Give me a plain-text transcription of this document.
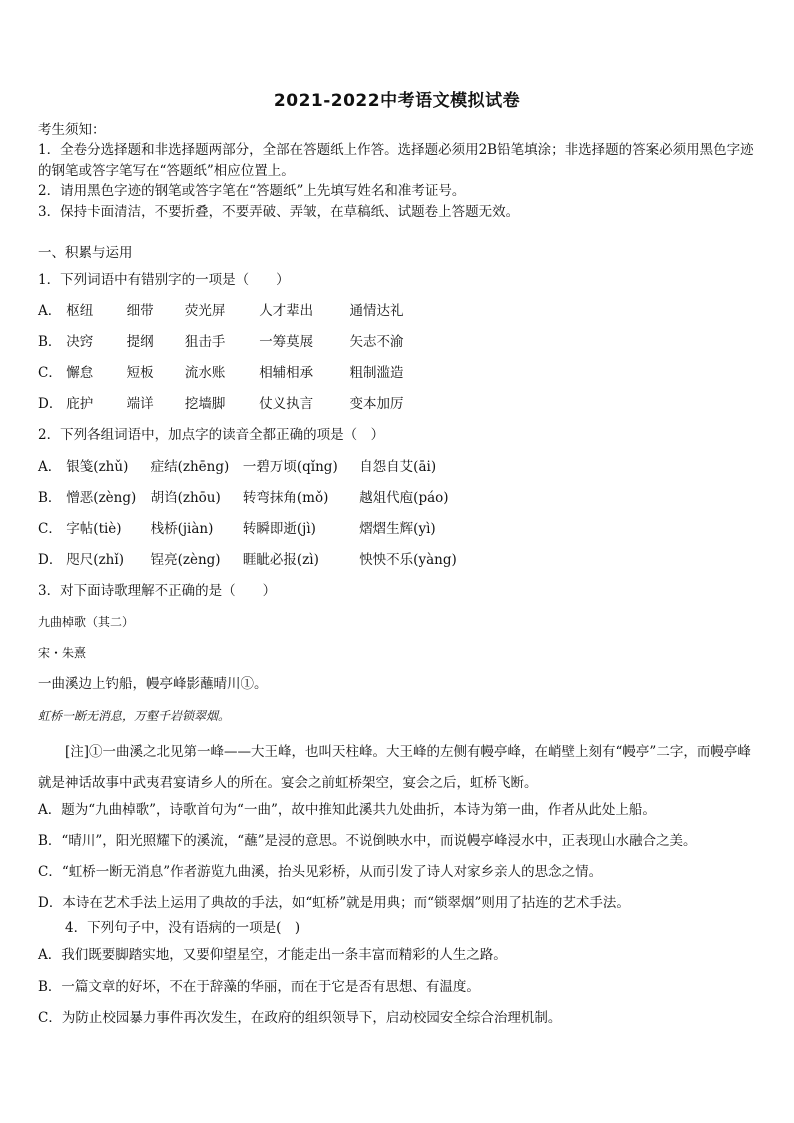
2021-2022中考语文模拟试卷
考生须知：
1．全卷分选择题和非选择题两部分，全部在答题纸上作答。选择题必须用2B铅笔填涂；非选择题的答案必须用黑色字迹的钢笔或答字笔写在“答题纸”相应位置上。
2．请用黑色字迹的钢笔或答字笔在“答题纸”上先填写姓名和准考证号。
3．保持卡面清洁，不要折叠，不要弄破、弄皱，在草稿纸、试题卷上答题无效。
一、积累与运用
1．下列词语中有错别字的一项是（　　）
A． 枢纽 细带 荧光屏	人才辈出	通情达礼
B． 决窍 提纲 狙击手	一筹莫展	矢志不渝
C． 懈怠 短板 流水账	相辅相承	粗制滥造
D． 庇护 端详 挖墙脚	仗义执言	变本加厉
2．下列各组词语中，加点字的读音全都正确的项是（　）
A． 银笺(zhǔ) 症结(zhēng) 一碧万顷(qǐng) 自怨自艾(āi)
B． 憎恶(zèng) 胡诌(zhōu) 转弯抹角(mǒ) 越俎代庖(páo)
C． 字帖(tiè) 栈桥(jiàn) 转瞬即逝(jì)	熠熠生辉(yì)
D． 咫尺(zhǐ) 锃亮(zèng) 睚眦必报(zì)	怏怏不乐(yàng)
3．对下面诗歌理解不正确的是（　　）
九曲棹歌（其二）
宋・朱熹
一曲溪边上钓船，幔亭峰影蘸晴川①。
虹桥一断无消息，万壑千岩锁翠烟。
[注]①一曲溪之北见第一峰——大王峰，也叫天柱峰。大王峰的左侧有幔亭峰，在峭壁上刻有“幔亭”二字，而幔亭峰就是神话故事中武夷君宴请乡人的所在。宴会之前虹桥架空，宴会之后，虹桥飞断。
A．题为“九曲棹歌”，诗歌首句为“一曲”，故中推知此溪共九处曲折，本诗为第一曲，作者从此处上船。
B．“晴川”，阳光照耀下的溪流，“蘸”是浸的意思。不说倒映水中，而说幔亭峰浸水中，正表现山水融合之美。
C．“虹桥一断无消息”作者游览九曲溪，抬头见彩桥，从而引发了诗人对家乡亲人的思念之情。
D．本诗在艺术手法上运用了典故的手法，如“虹桥”就是用典；而“锁翠烟”则用了拈连的艺术手法。
4．下列句子中，没有语病的一项是(　)
A．我们既要脚踏实地，又要仰望星空，才能走出一条丰富而精彩的人生之路。
B．一篇文章的好坏，不在于辞藻的华丽，而在于它是否有思想、有温度。
C．为防止校园暴力事件再次发生，在政府的组织领导下，启动校园安全综合治理机制。
